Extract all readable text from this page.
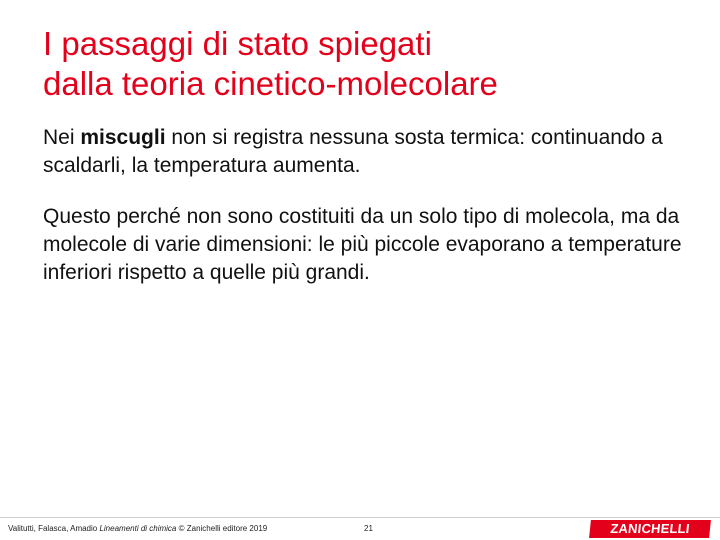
I passaggi di stato spiegati
dalla teoria cinetico-molecolare

Nei miscugli non si registra nessuna sosta termica: continuando a scaldarli, la temperatura aumenta.

Questo perché non sono costituiti da un solo tipo di molecola, ma da molecole di varie dimensioni: le più piccole evaporano a temperature inferiori rispetto a quelle più grandi.

Valitutti, Falasca, Amadio Lineamenti di chimica © Zanichelli editore 2019	21	ZANICHELLI
